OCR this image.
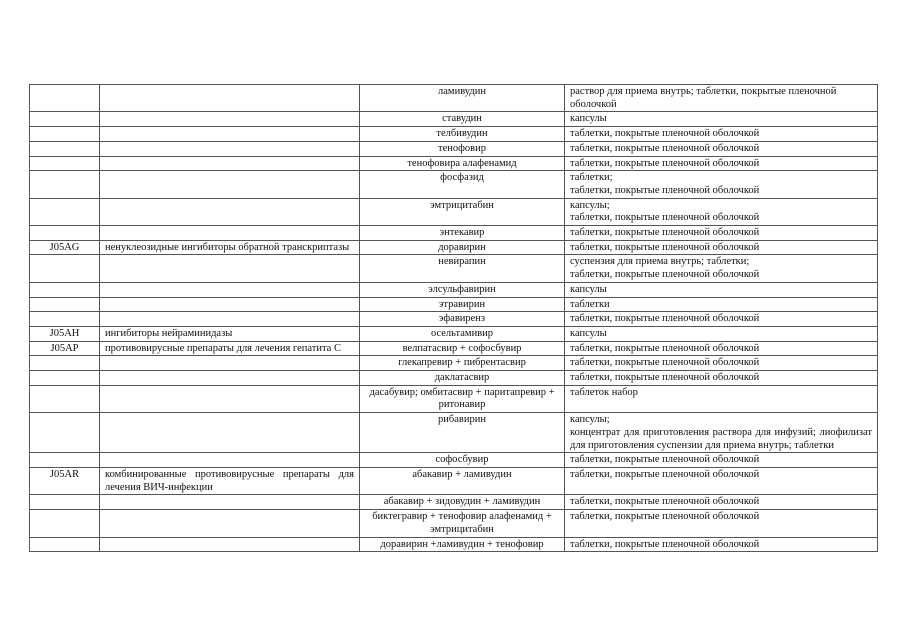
		ламивудин	раствор для приема внутрь; таблетки, покрытые пленочной оболочкой

		ставудин	капсулы

		телбивудин	таблетки, покрытые пленочной оболочкой

		тенофовир	таблетки, покрытые пленочной оболочкой

		тенофовира алафенамид	таблетки, покрытые пленочной оболочкой

		фосфазид	таблетки;
таблетки, покрытые пленочной оболочкой

		эмтрицитабин	капсулы;
таблетки, покрытые пленочной оболочкой

		энтекавир	таблетки, покрытые пленочной оболочкой

J05AG	ненуклеозидные ингибиторы обратной транскриптазы	доравирин	таблетки, покрытые пленочной оболочкой

		невирапин	суспензия для приема внутрь; таблетки;
таблетки, покрытые пленочной оболочкой

		элсульфавирин	капсулы

		этравирин	таблетки

		эфавиренз	таблетки, покрытые пленочной оболочкой

J05AH	ингибиторы нейраминидазы	осельтамивир	капсулы

J05AP	противовирусные препараты для лечения гепатита C	велпатасвир + софосбувир	таблетки, покрытые пленочной оболочкой

		глекапревир + пибрентасвир	таблетки, покрытые пленочной оболочкой

		даклатасвир	таблетки, покрытые пленочной оболочкой

		дасабувир; омбитасвир + паритапревир + ритонавир	таблеток набор

		рибавирин	капсулы;
концентрат для приготовления раствора для инфузий; лиофилизат для приготовления суспензии для приема внутрь; таблетки

		софосбувир	таблетки, покрытые пленочной оболочкой

J05AR	комбинированные противовирусные препараты для лечения ВИЧ-инфекции	абакавир + ламивудин	таблетки, покрытые пленочной оболочкой

		абакавир + зидовудин + ламивудин	таблетки, покрытые пленочной оболочкой

		биктегравир + тенофовир алафенамид + эмтрицитабин	таблетки, покрытые пленочной оболочкой

		доравирин +ламивудин + тенофовир	таблетки, покрытые пленочной оболочкой
